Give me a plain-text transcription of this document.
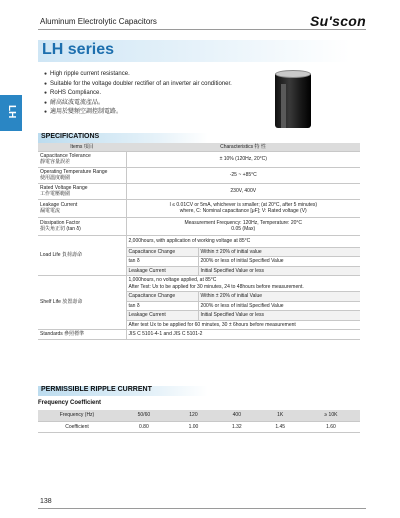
Aluminum Electrolytic Capacitors	Su'scon
LH series
LH
● High ripple current resistance.
● Suitable for the voltage doubler rectifier of an inverter air conditioner.
● RoHS Compliance.
● 耐高紋波電流產品。
● 適用於變頻空調控制電路。
SPECIFICATIONS
Items 項目	Characteristics 特 性	
Capacitance Tolerance
靜電容量誤差	± 10% (120Hz, 20°C)	
Operating Temperature Range
使用溫度範圍	-25 ~ +85°C	
Rated Voltage Range
工作電壓範圍	230V, 400V	
Leakage Current
漏電電流	I ≤ 0.01CV or 5mA, whichever is smaller; (at 20°C, after 5 minutes)
where, C: Nominal capacitance [μF]; V: Rated voltage (V)	
Dissipation Factor
損失角正切 (tan δ)	Measurement Frequency: 120Hz, Temperature: 20°C
0.05 (Max)	
Load Life 負荷壽命	2,000hours, with application of working voltage at 85°C	
	Capacitance Change	Within ± 20% of initial value
	tan δ	200% or less of initial Specified Value
	Leakage Current	Initial Specified Value or less
Shelf Life 放置壽命	1,000hours, no voltage applied, at 85°C
After Test: Ux to be applied for 30 minutes, 24 to 48hours before measurement.	
	Capacitance Change	Within ± 20% of initial Value
	tan δ	200% or less of initial Specified Value
	Leakage Current	Initial Specified Value or less
	After test Ux to be applied for 60 minutes, 30 ± 6hours before measurement	
Standards 參照標準	JIS C 5101-4-1 and JIS C 5101-2	
PERMISSIBLE RIPPLE CURRENT
Frequency Coefficient
Frequency (Hz)	50/60	120	400	1K	≥ 10K
Coefficient	0.80	1.00	1.32	1.45	1.60
138
